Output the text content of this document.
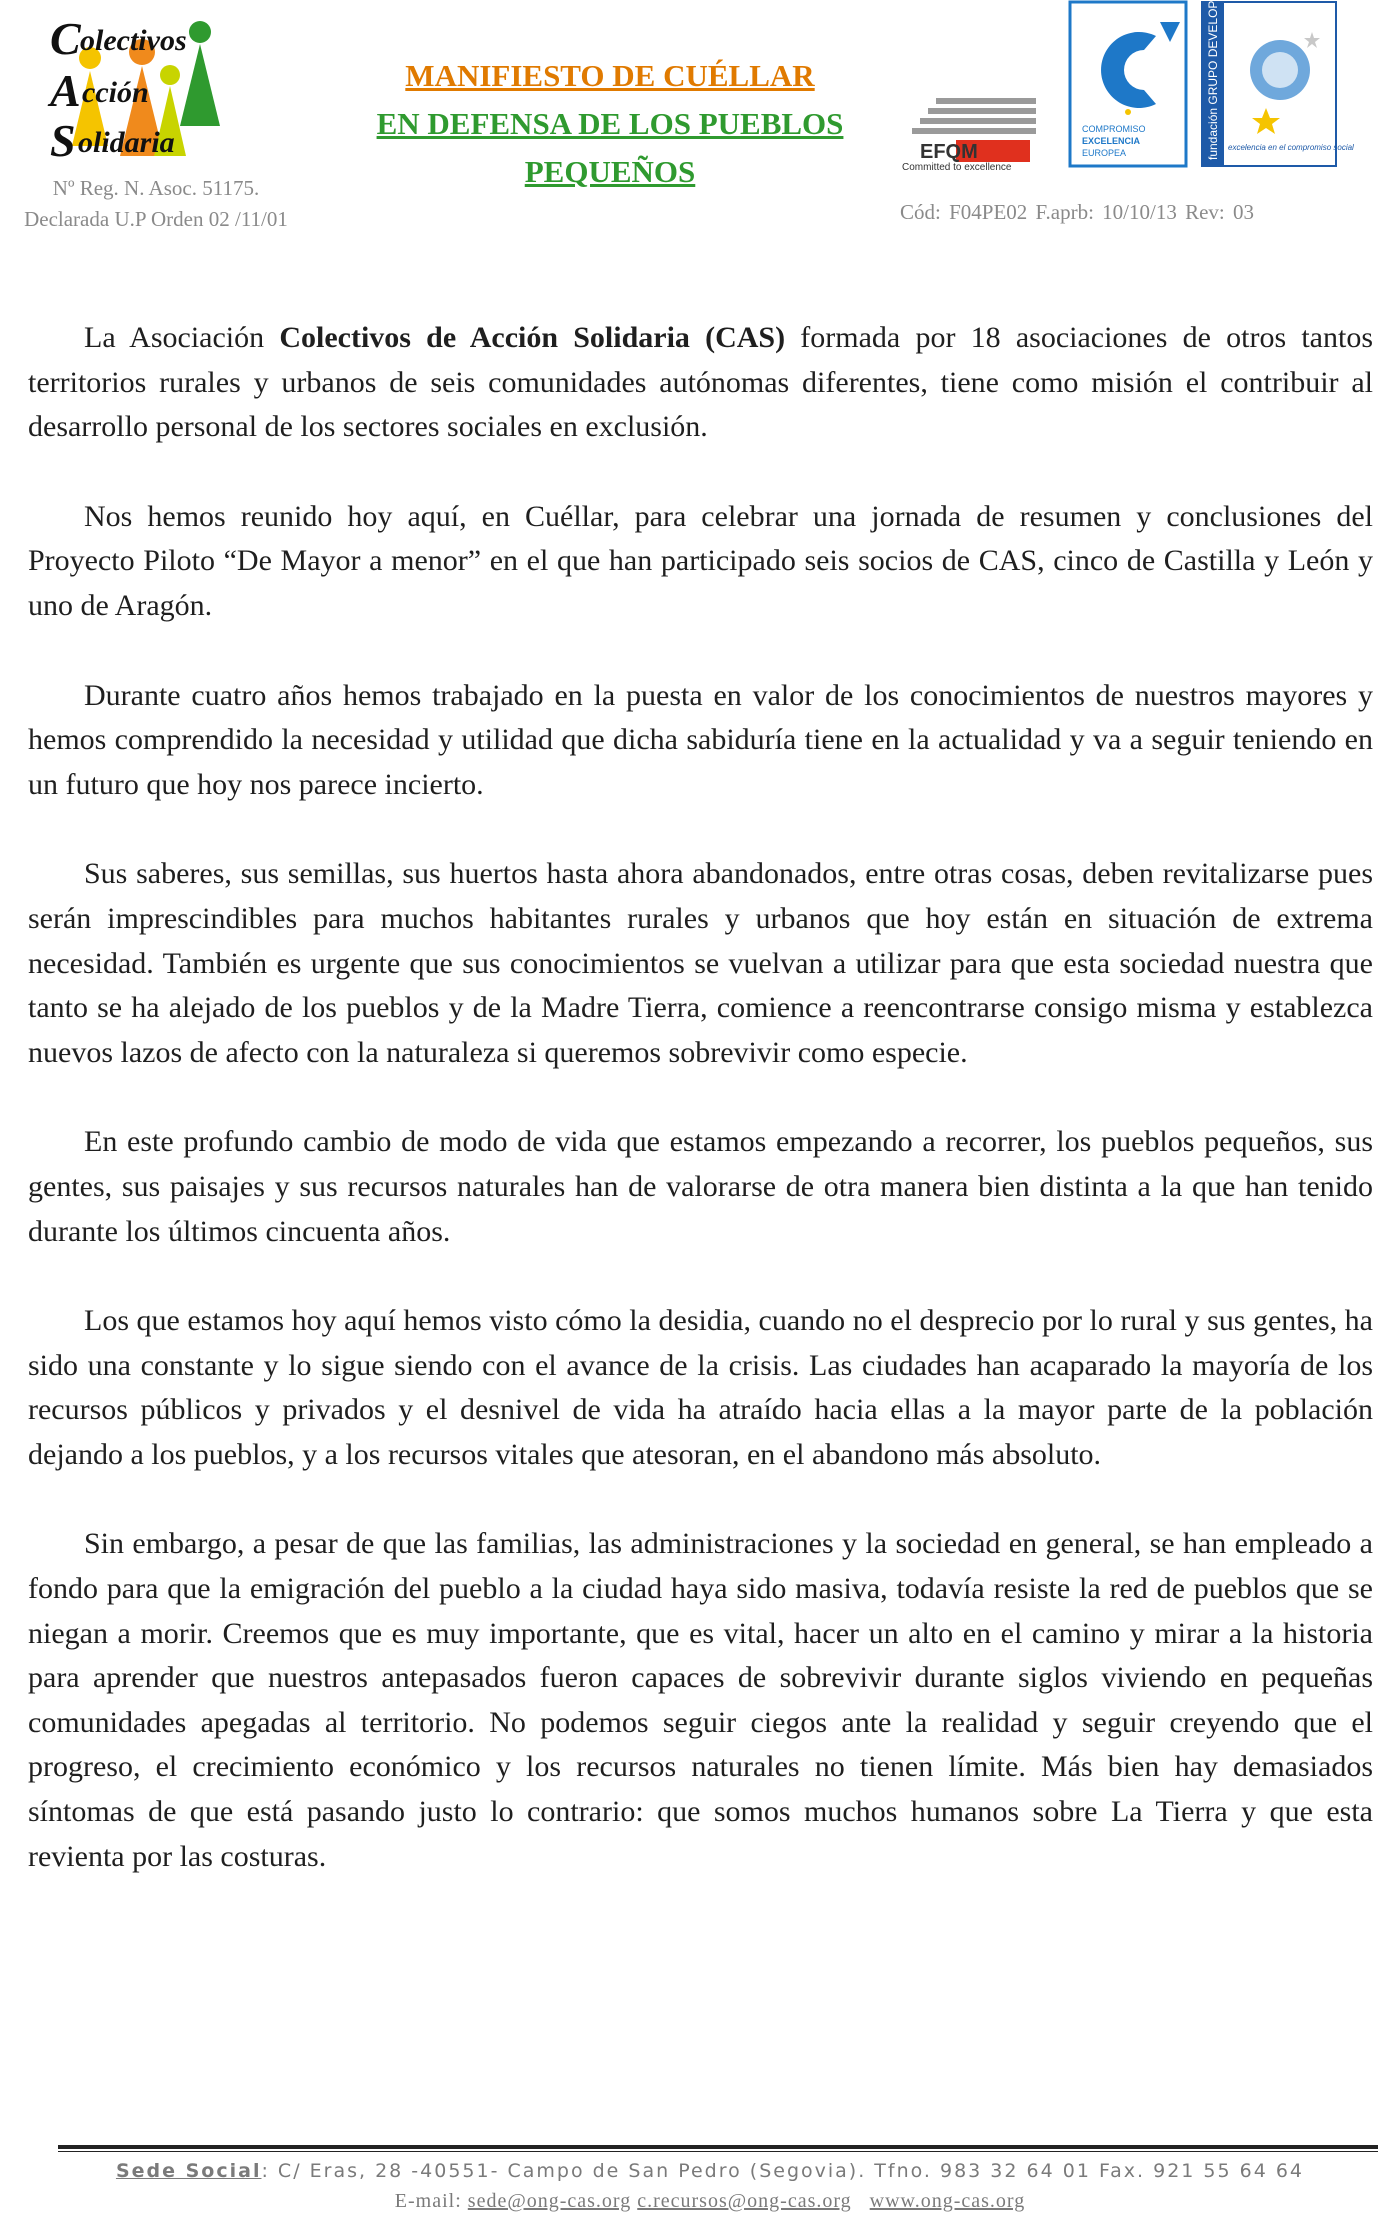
C olectivos
A cción
S olidaria
Nº Reg. N. Asoc. 51175.
Declarada U.P Orden 02 /11/01
MANIFIESTO DE CUÉLLAR
EN DEFENSA DE LOS PUEBLOS PEQUEÑOS
EFQM
Committed to excellence
COMPROMISO
EXCELENCIA
EUROPEA	fundación GRUPO DEVELOP excelencia en el compromiso social
Cód: F04PE02 F.aprb: 10/10/13 Rev: 03

La Asociación Colectivos de Acción Solidaria (CAS) formada por 18 asociaciones de otros tantos territorios rurales y urbanos de seis comunidades autónomas diferentes, tiene como misión el contribuir al desarrollo personal de los sectores sociales en exclusión.

Nos hemos reunido hoy aquí, en Cuéllar, para celebrar una jornada de resumen y conclusiones del Proyecto Piloto “De Mayor a menor” en el que han participado seis socios de CAS, cinco de Castilla y León y uno de Aragón.

Durante cuatro años hemos trabajado en la puesta en valor de los conocimientos de nuestros mayores y hemos comprendido la necesidad y utilidad que dicha sabiduría tiene en la actualidad y va a seguir teniendo en un futuro que hoy nos parece incierto.

Sus saberes, sus semillas, sus huertos hasta ahora abandonados, entre otras cosas, deben revitalizarse pues serán imprescindibles para muchos habitantes rurales y urbanos que hoy están en situación de extrema necesidad. También es urgente que sus conocimientos se vuelvan a utilizar para que esta sociedad nuestra que tanto se ha alejado de los pueblos y de la Madre Tierra, comience a reencontrarse consigo misma y establezca nuevos lazos de afecto con la naturaleza si queremos sobrevivir como especie.

En este profundo cambio de modo de vida que estamos empezando a recorrer, los pueblos pequeños, sus gentes, sus paisajes y sus recursos naturales han de valorarse de otra manera bien distinta a la que han tenido durante los últimos cincuenta años.

Los que estamos hoy aquí hemos visto cómo la desidia, cuando no el desprecio por lo rural y sus gentes, ha sido una constante y lo sigue siendo con el avance de la crisis. Las ciudades han acaparado la mayoría de los recursos públicos y privados y el desnivel de vida ha atraído hacia ellas a la mayor parte de la población dejando a los pueblos, y a los recursos vitales que atesoran, en el abandono más absoluto.

Sin embargo, a pesar de que las familias, las administraciones y la sociedad en general, se han empleado a fondo para que la emigración del pueblo a la ciudad haya sido masiva, todavía resiste la red de pueblos que se niegan a morir. Creemos que es muy importante, que es vital, hacer un alto en el camino y mirar a la historia para aprender que nuestros antepasados fueron capaces de sobrevivir durante siglos viviendo en pequeñas comunidades apegadas al territorio. No podemos seguir ciegos ante la realidad y seguir creyendo que el progreso, el crecimiento económico y los recursos naturales no tienen límite. Más bien hay demasiados síntomas de que está pasando justo lo contrario: que somos muchos humanos sobre La Tierra y que esta revienta por las costuras.

Sede Social: C/ Eras, 28 -40551- Campo de San Pedro (Segovia). Tfno. 983 32 64 01 Fax. 921 55 64 64
E-mail: sede@ong-cas.org c.recursos@ong-cas.org www.ong-cas.org
